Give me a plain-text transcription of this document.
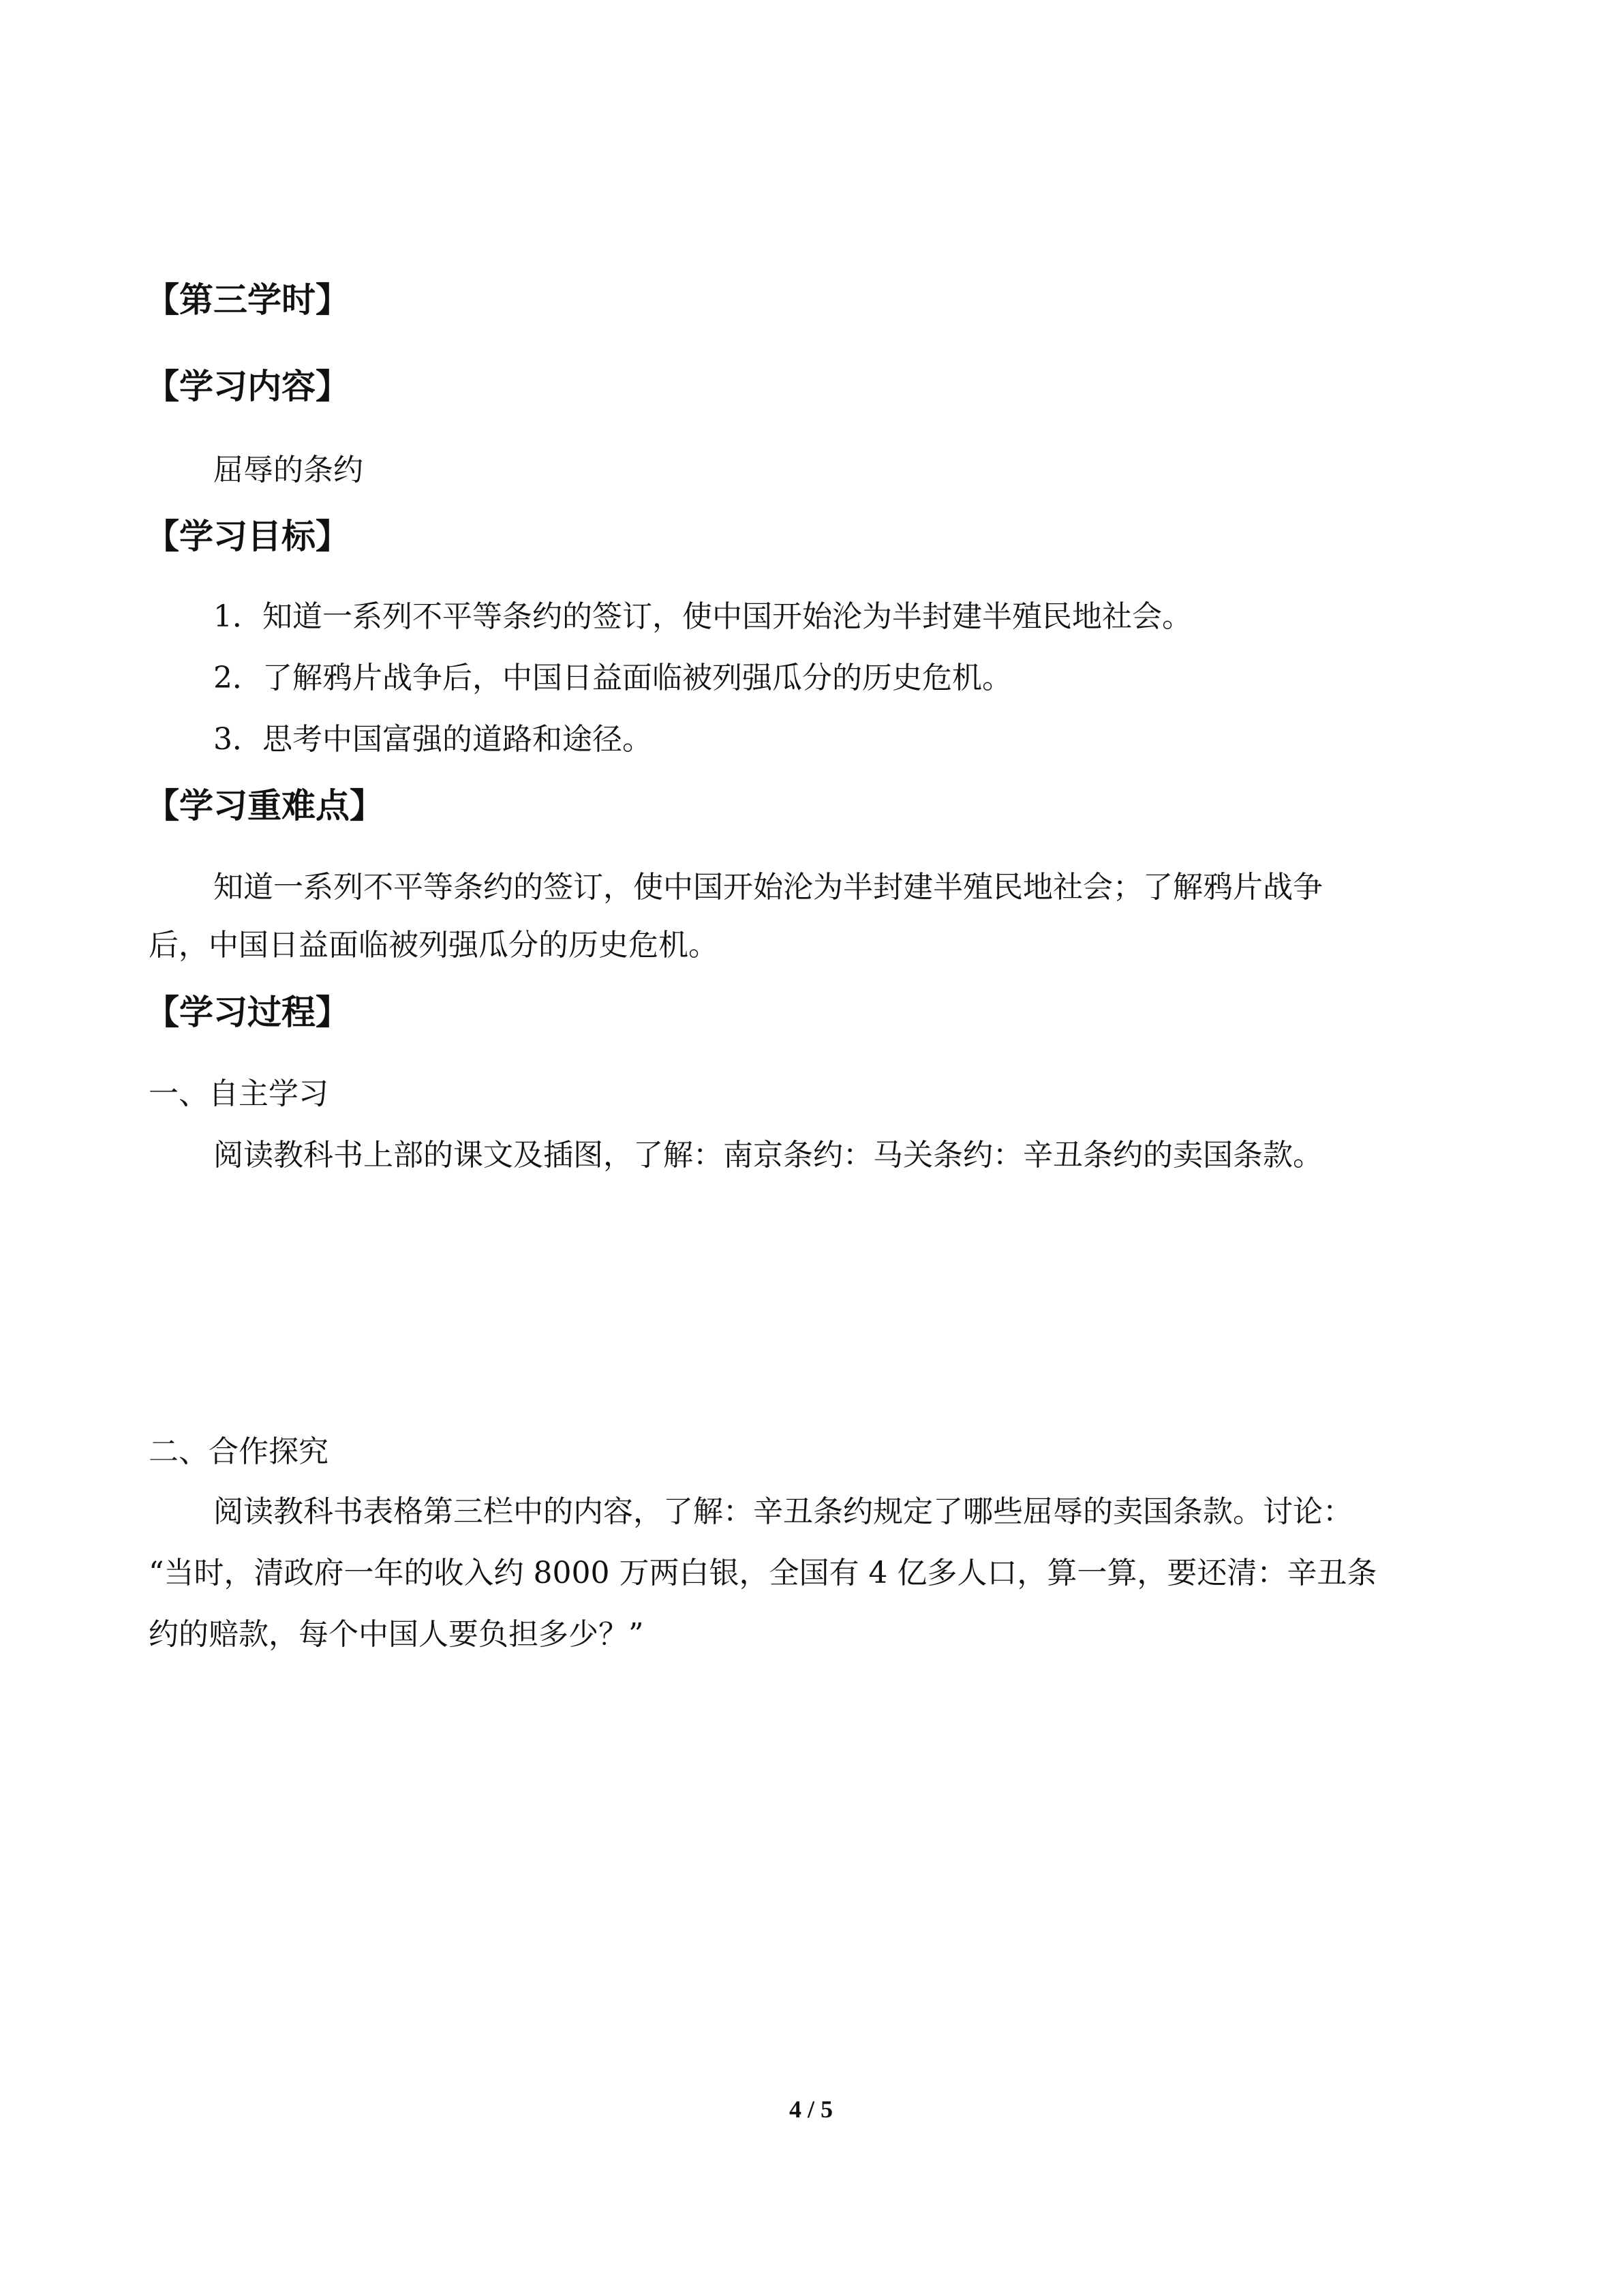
【第三学时】
【学习内容】
屈辱的条约
【学习目标】
1．知道一系列不平等条约的签订，使中国开始沦为半封建半殖民地社会。
2．了解鸦片战争后，中国日益面临被列强瓜分的历史危机。
3．思考中国富强的道路和途径。
【学习重难点】
知道一系列不平等条约的签订，使中国开始沦为半封建半殖民地社会；了解鸦片战争
后，中国日益面临被列强瓜分的历史危机。
【学习过程】
一、自主学习
阅读教科书上部的课文及插图，了解：南京条约：马关条约：辛丑条约的卖国条款。
二、合作探究
阅读教科书表格第三栏中的内容，了解：辛丑条约规定了哪些屈辱的卖国条款。讨论：
“当时，清政府一年的收入约 8000 万两白银，全国有 4 亿多人口，算一算，要还清：辛丑条
约的赔款，每个中国人要负担多少？”
4 / 5
